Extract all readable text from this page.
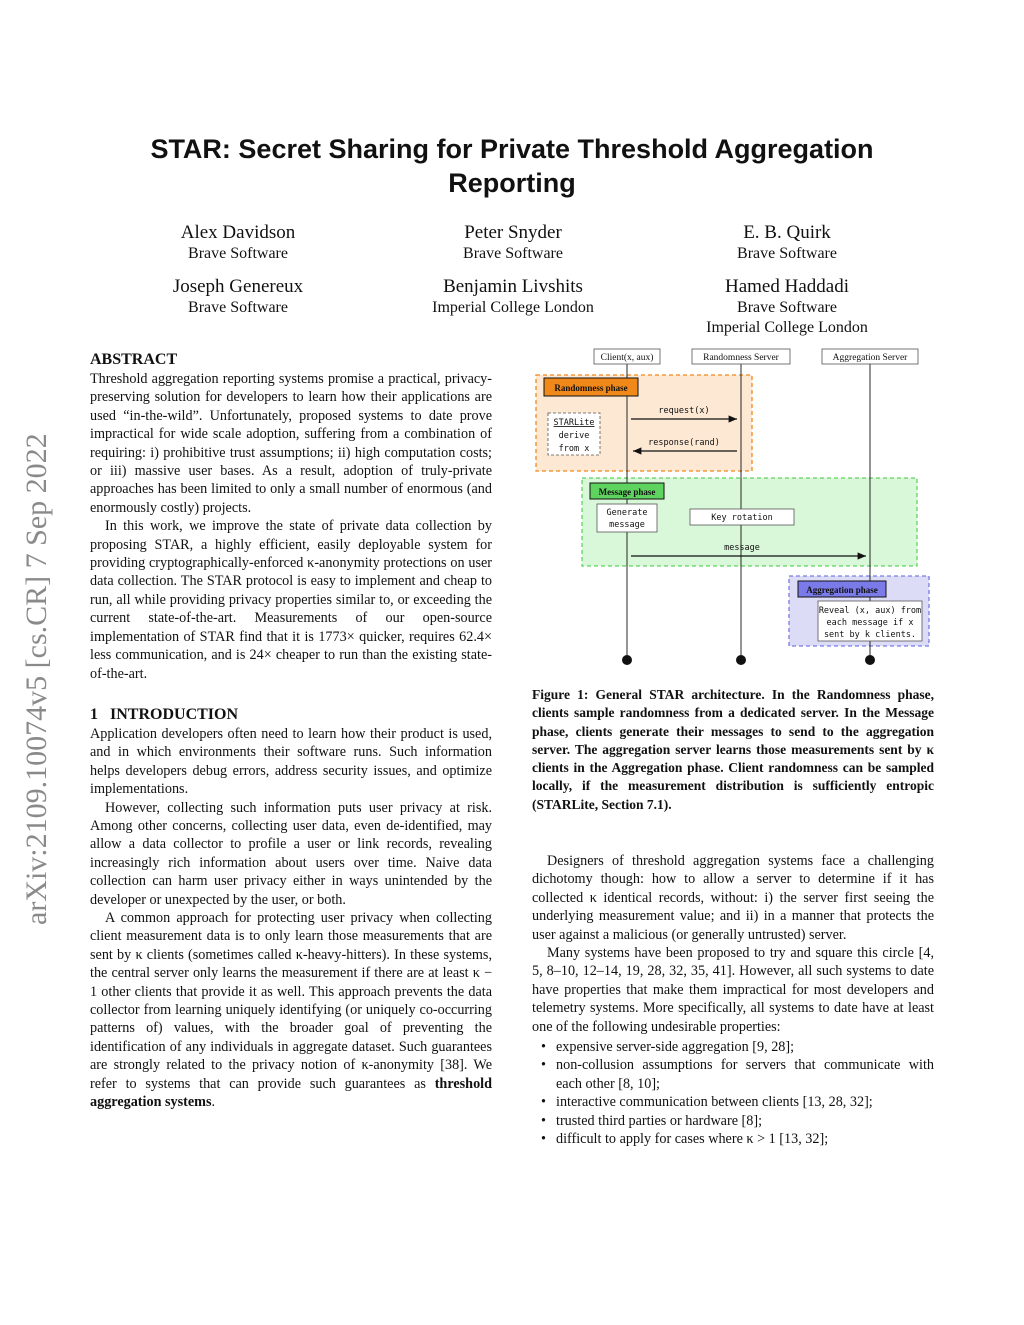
arXiv:2109.10074v5 [cs.CR] 7 Sep 2022
STAR: Secret Sharing for Private Threshold Aggregation
Reporting
Alex Davidson
Brave Software
Peter Snyder
Brave Software
E. B. Quirk
Brave Software
Joseph Genereux
Brave Software
Benjamin Livshits
Imperial College London
Hamed Haddadi
Brave Software
Imperial College London
ABSTRACT

Threshold aggregation reporting systems promise a practical, privacy-preserving solution for developers to learn how their applications are used “in-the-wild”. Unfortunately, proposed systems to date prove impractical for wide scale adoption, suffering from a combination of requiring: i) prohibitive trust assumptions; ii) high computation costs; or iii) massive user bases. As a result, adoption of truly-private approaches has been limited to only a small number of enormous (and enormously costly) projects.

In this work, we improve the state of private data collection by proposing STAR, a highly efficient, easily deployable system for providing cryptographically-enforced κ-anonymity protections on user data collection. The STAR protocol is easy to implement and cheap to run, all while providing privacy properties similar to, or exceeding the current state-of-the-art. Measurements of our open-source implementation of STAR find that it is 1773× quicker, requires 62.4× less communication, and is 24× cheaper to run than the existing state-of-the-art.

1   INTRODUCTION

Application developers often need to learn how their product is used, and in which environments their software runs. Such information helps developers debug errors, address security issues, and optimize implementations.

However, collecting such information puts user privacy at risk. Among other concerns, collecting user data, even de-identified, may allow a data collector to profile a user or link records, revealing increasingly rich information about users over time. Naive data collection can harm user privacy either in ways unintended by the developer or unexpected by the user, or both.

A common approach for protecting user privacy when collecting client measurement data is to only learn those measurements that are sent by κ clients (sometimes called κ-heavy-hitters). In these systems, the central server only learns the measurement if there are at least κ − 1 other clients that provide it as well. This approach prevents the data collector from learning uniquely identifying (or uniquely co-occurring patterns of) values, with the broader goal of preventing the identification of any individuals in aggregate dataset. Such guarantees are strongly related to the privacy notion of κ-anonymity [38]. We refer to systems that can provide such guarantees as threshold aggregation systems.

Client(x, aux)	Randomness Server	Aggregation Server
Randomness phase
STARLite
derive
from x
request(x)
response(rand)
Message phase
Generate
message
Key rotation
message
Aggregation phase
Reveal (x, aux) from
each message if x
sent by k clients.
Figure 1: General STAR architecture. In the Randomness phase, clients sample randomness from a dedicated server. In the Message phase, clients generate their messages to send to the aggregation server. The aggregation server learns those measurements sent by κ clients in the Aggregation phase. Client randomness can be sampled locally, if the measurement distribution is sufficiently entropic (STARLite, Section 7.1).

Designers of threshold aggregation systems face a challenging dichotomy though: how to allow a server to determine if it has collected κ identical records, without: i) the server first seeing the underlying measurement value; and ii) in a manner that protects the user against a malicious (or generally untrusted) server.

Many systems have been proposed to try and square this circle [4, 5, 8–10, 12–14, 19, 28, 32, 35, 41]. However, all such systems to date have properties that make them impractical for most developers and telemetry systems. More specifically, all systems to date have at least one of the following undesirable properties:

• expensive server-side aggregation [9, 28];
• non-collusion assumptions for servers that communicate with each other [8, 10];
• interactive communication between clients [13, 28, 32];
• trusted third parties or hardware [8];
• difficult to apply for cases where κ > 1 [13, 32];
